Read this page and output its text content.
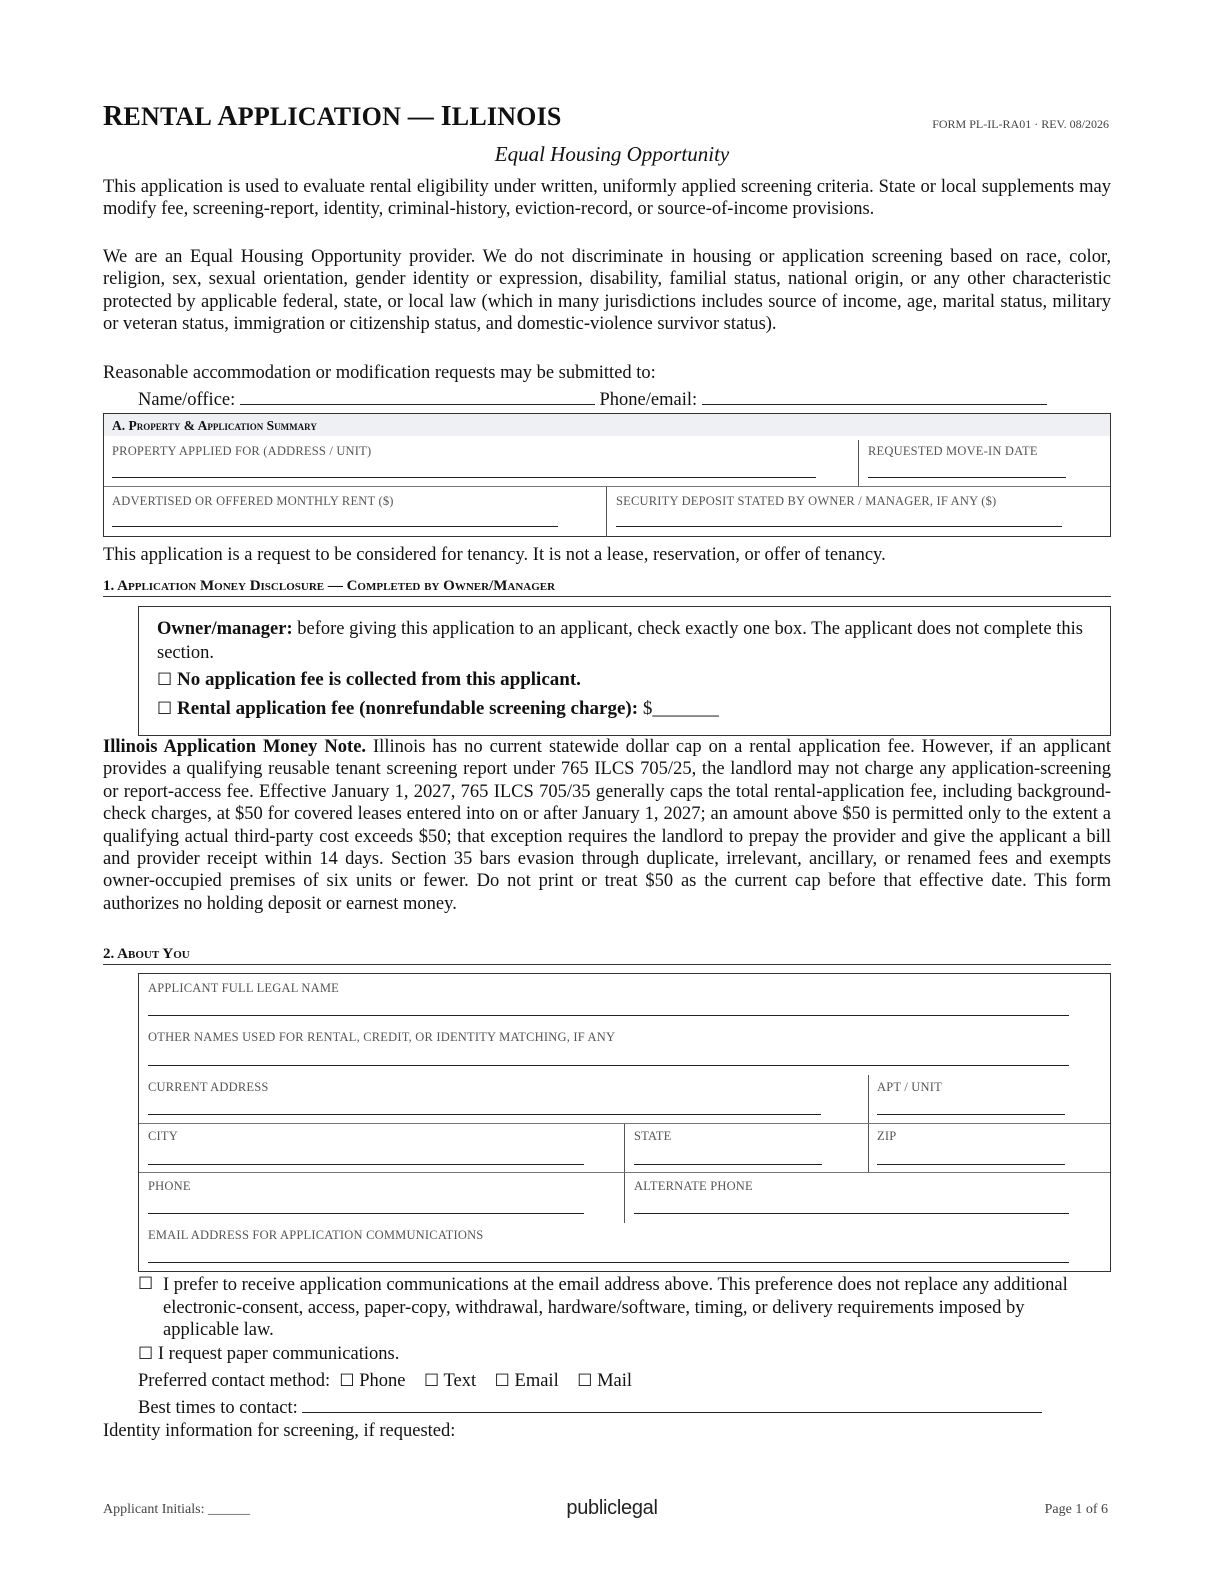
RENTAL APPLICATION — ILLINOIS	FORM PL-IL-RA01 · REV. 08/2026
Equal Housing Opportunity
This application is used to evaluate rental eligibility under written, uniformly applied screening criteria. State or local supplements may modify fee, screening-report, identity, criminal-history, eviction-record, or source-of-income provisions.
We are an Equal Housing Opportunity provider. We do not discriminate in housing or application screening based on race, color, religion, sex, sexual orientation, gender identity or expression, disability, familial status, national origin, or any other characteristic protected by applicable federal, state, or local law (which in many jurisdictions includes source of income, age, marital status, military or veteran status, immigration or citizenship status, and domestic-violence survivor status).
Reasonable accommodation or modification requests may be submitted to:
Name/office:	Phone/email:
A. Property & Application Summary
PROPERTY APPLIED FOR (ADDRESS / UNIT)	REQUESTED MOVE-IN DATE
ADVERTISED OR OFFERED MONTHLY RENT ($)	SECURITY DEPOSIT STATED BY OWNER / MANAGER, IF ANY ($)
This application is a request to be considered for tenancy. It is not a lease, reservation, or offer of tenancy.
1. Application Money Disclosure — Completed by Owner/Manager
Owner/manager: before giving this application to an applicant, check exactly one box. The applicant does not complete this section.
☐ No application fee is collected from this applicant.
☐ Rental application fee (nonrefundable screening charge): $_______
Illinois Application Money Note. Illinois has no current statewide dollar cap on a rental application fee. However, if an applicant provides a qualifying reusable tenant screening report under 765 ILCS 705/25, the landlord may not charge any application-screening or report-access fee. Effective January 1, 2027, 765 ILCS 705/35 generally caps the total rental-application fee, including background-check charges, at $50 for covered leases entered into on or after January 1, 2027; an amount above $50 is permitted only to the extent a qualifying actual third-party cost exceeds $50; that exception requires the landlord to prepay the provider and give the applicant a bill and provider receipt within 14 days. Section 35 bars evasion through duplicate, irrelevant, ancillary, or renamed fees and exempts owner-occupied premises of six units or fewer. Do not print or treat $50 as the current cap before that effective date. This form authorizes no holding deposit or earnest money.
2. About You
APPLICANT FULL LEGAL NAME
OTHER NAMES USED FOR RENTAL, CREDIT, OR IDENTITY MATCHING, IF ANY
CURRENT ADDRESS	APT / UNIT
CITY	STATE	ZIP
PHONE	ALTERNATE PHONE
EMAIL ADDRESS FOR APPLICATION COMMUNICATIONS
☐ I prefer to receive application communications at the email address above. This preference does not replace any additional electronic-consent, access, paper-copy, withdrawal, hardware/software, timing, or delivery requirements imposed by applicable law.
☐ I request paper communications.
Preferred contact method: ☐ Phone ☐ Text ☐ Email ☐ Mail
Best times to contact:
Identity information for screening, if requested:
Applicant Initials: ______	publiclegal	Page 1 of 6
